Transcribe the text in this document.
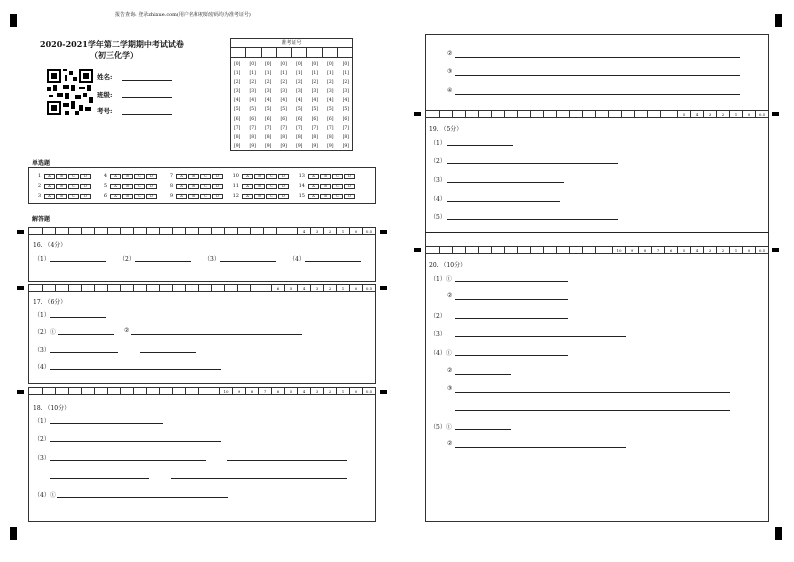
报告查询: 登录zhixue.com(用户名和初始密码均为准考证号)
2020-2021学年第二学期期中考试试卷
（初三化学）
姓名:
班级:
考号:
准考证号
[0] [0] [0] [0] [0] [0] [0] [0]
[1] [1] [1] [1] [1] [1] [1] [1]
[2] [2] [2] [2] [2] [2] [2] [2]
[3] [3] [3] [3] [3] [3] [3] [3]
[4] [4] [4] [4] [4] [4] [4] [4]
[5] [5] [5] [5] [5] [5] [5] [5]
[6] [6] [6] [6] [6] [6] [6] [6]
[7] [7] [7] [7] [7] [7] [7] [7]
[8] [8] [8] [8] [8] [8] [8] [8]
[9] [9] [9] [9] [9] [9] [9] [9]
单选题
1	A	B	C	D	4	A	B	C	D	7	A	B	C	D	10	A	B	C	D	13	A	B	C	D
2	A	B	C	D	5	A	B	C	D	8	A	B	C	D	11	A	B	C	D	14	A	B	C	D
3	A	B	C	D	6	A	B	C	D	9	A	B	C	D	12	A	B	C	D	15	A	B	C	D
解答题
4	3	2	1	0	0.5
16. （4分）
（1）	（2）	（3）	（4）
6	5	4	3	2	1	0	0.5
17. （6分）
（1）
（2）①	②
（3）
（4）
10	9	8	7	6	5	4	3	2	1	0	0.5
18. （10分）
（1）
（2）
（3）
（4）①
②
③
④
5	4	3	2	1	0	0.5
19. （5分）
（1）
（2）
（3）
（4）
（5）
10	9	8	7	6	5	4	3	2	1	0	0.5
20. （10分）
（1）①
②
（2）
（3）
（4）①
②
③
（5）①
②
